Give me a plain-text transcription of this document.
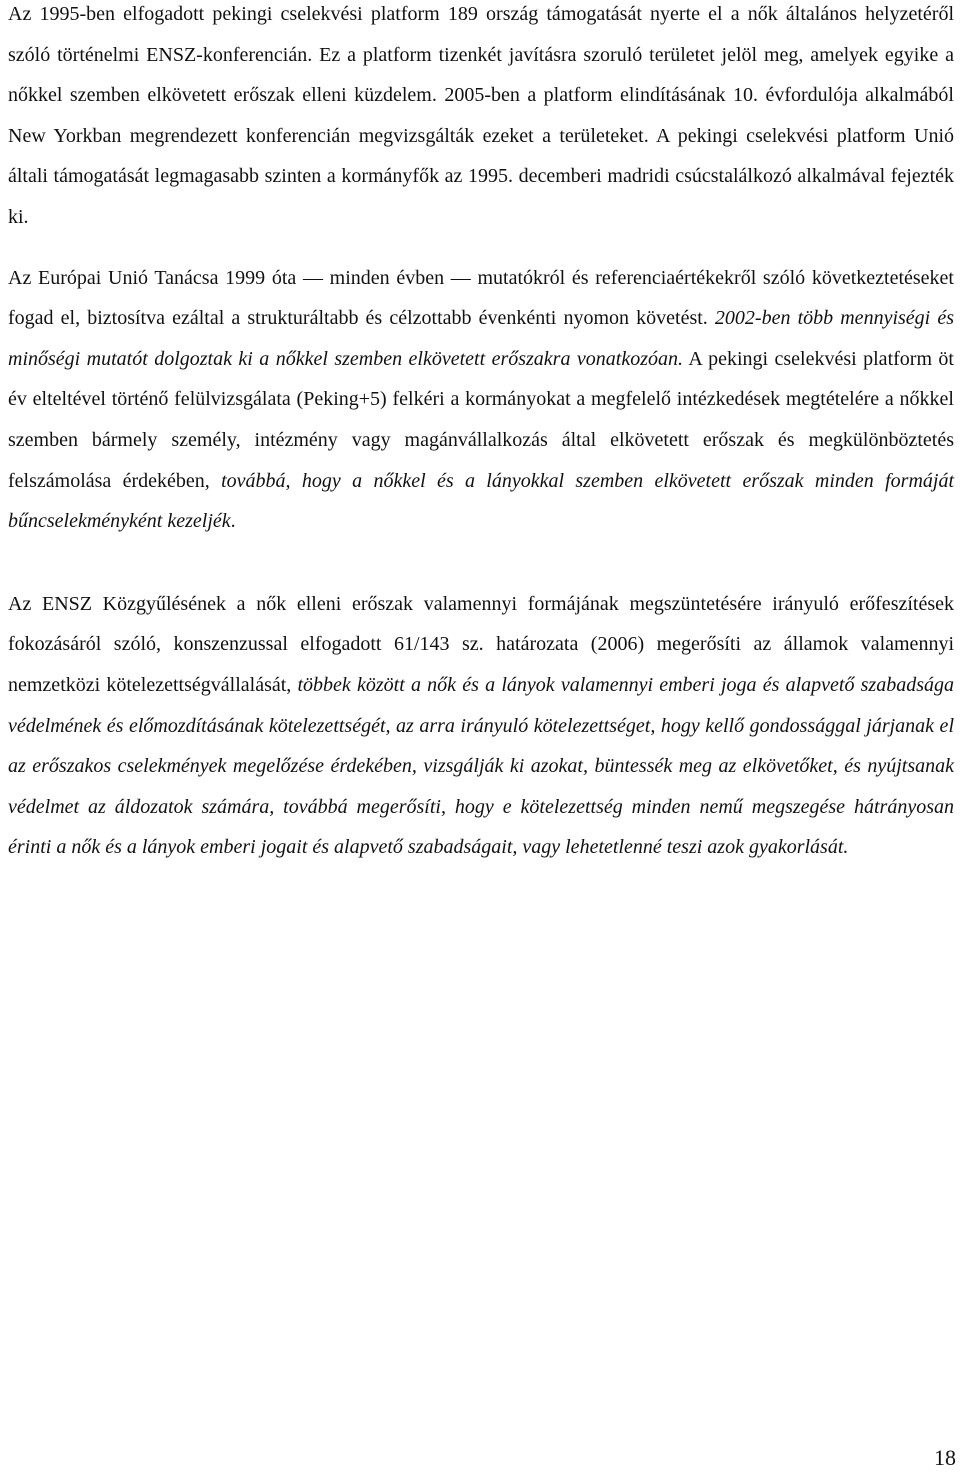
Az 1995-ben elfogadott pekingi cselekvési platform 189 ország támogatását nyerte el a nők általános helyzetéről szóló történelmi ENSZ-konferencián. Ez a platform tizenkét javításra szoruló területet jelöl meg, amelyek egyike a nőkkel szemben elkövetett erőszak elleni küzdelem. 2005-ben a platform elindításának 10. évfordulója alkalmából New Yorkban megrendezett konferencián megvizsgálták ezeket a területeket. A pekingi cselekvési platform Unió általi támogatását legmagasabb szinten a kormányfők az 1995. decemberi madridi csúcstalálkozó alkalmával fejezték ki.

Az Európai Unió Tanácsa 1999 óta — minden évben — mutatókról és referenciaértékekről szóló következtetéseket fogad el, biztosítva ezáltal a strukturáltabb és célzottabb évenkénti nyomon követést. 2002-ben több mennyiségi és minőségi mutatót dolgoztak ki a nőkkel szemben elkövetett erőszakra vonatkozóan. A pekingi cselekvési platform öt év elteltével történő felülvizsgálata (Peking+5) felkéri a kormányokat a megfelelő intézkedések megtételére a nőkkel szemben bármely személy, intézmény vagy magánvállalkozás által elkövetett erőszak és megkülönböztetés felszámolása érdekében, továbbá, hogy a nőkkel és a lányokkal szemben elkövetett erőszak minden formáját bűncselekményként kezeljék.

Az ENSZ Közgyűlésének a nők elleni erőszak valamennyi formájának megszüntetésére irányuló erőfeszítések fokozásáról szóló, konszenzussal elfogadott 61/143 sz. határozata (2006) megerősíti az államok valamennyi nemzetközi kötelezettségvállalását, többek között a nők és a lányok valamennyi emberi joga és alapvető szabadsága védelmének és előmozdításának kötelezettségét, az arra irányuló kötelezettséget, hogy kellő gondossággal járjanak el az erőszakos cselekmények megelőzése érdekében, vizsgálják ki azokat, büntessék meg az elkövetőket, és nyújtsanak védelmet az áldozatok számára, továbbá megerősíti, hogy e kötelezettség minden nemű megszegése hátrányosan érinti a nők és a lányok emberi jogait és alapvető szabadságait, vagy lehetetlenné teszi azok gyakorlását.

18
